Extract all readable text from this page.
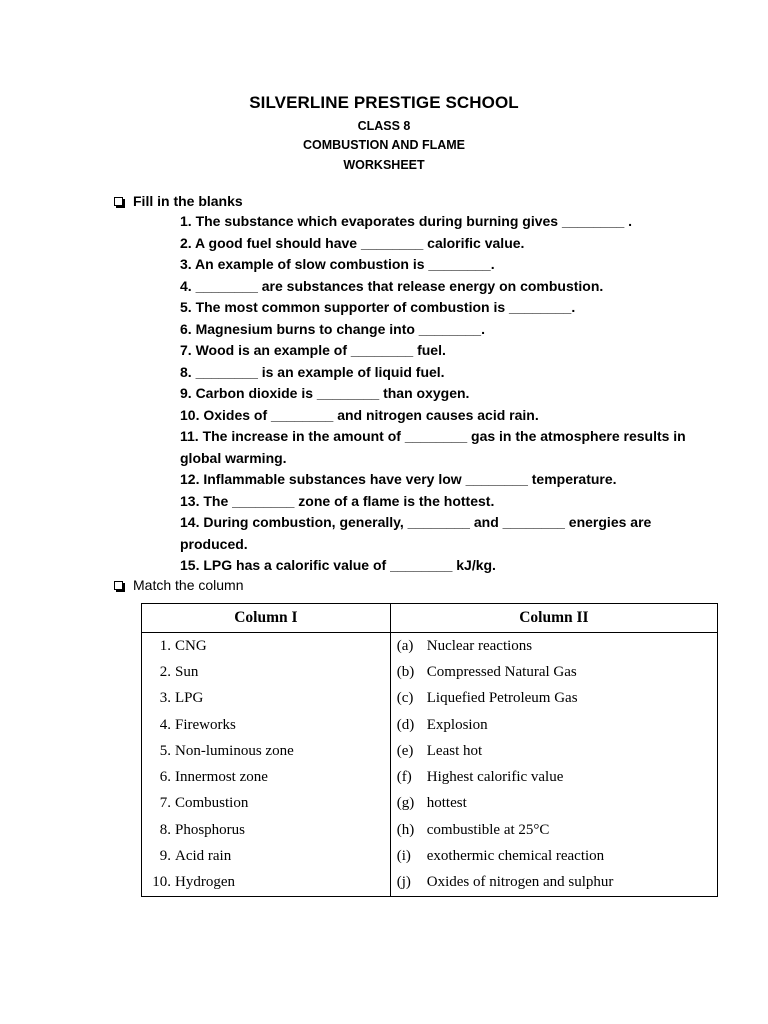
SILVERLINE PRESTIGE SCHOOL
CLASS 8
COMBUSTION AND FLAME
WORKSHEET
Fill in the blanks

1. The substance which evaporates during burning gives ________ .

2. A good fuel should have ________ calorific value.

3. An example of slow combustion is ________.

4. ________ are substances that release energy on combustion.

5. The most common supporter of combustion is ________.

6. Magnesium burns to change into ________.

7. Wood is an example of ________ fuel.

8. ________ is an example of liquid fuel.

9. Carbon dioxide is ________ than oxygen.

10. Oxides of ________ and nitrogen causes acid rain.

11. The increase in the amount of ________ gas in the atmosphere results in global warming.

12. Inflammable substances have very low ________ temperature.

13. The ________ zone of a flame is the hottest.

14. During combustion, generally, ________ and ________ energies are produced.

15. LPG has a calorific value of ________ kJ/kg.

Match the column
Column I	Column II
1. CNG	(a) Nuclear reactions
2. Sun	(b) Compressed Natural Gas
3. LPG	(c) Liquefied Petroleum Gas
4. Fireworks	(d) Explosion
5. Non-luminous zone	(e) Least hot
6. Innermost zone	(f) Highest calorific value
7. Combustion	(g) hottest
8. Phosphorus	(h) combustible at 25°C
9. Acid rain	(i) exothermic chemical reaction
10. Hydrogen	(j) Oxides of nitrogen and sulphur
